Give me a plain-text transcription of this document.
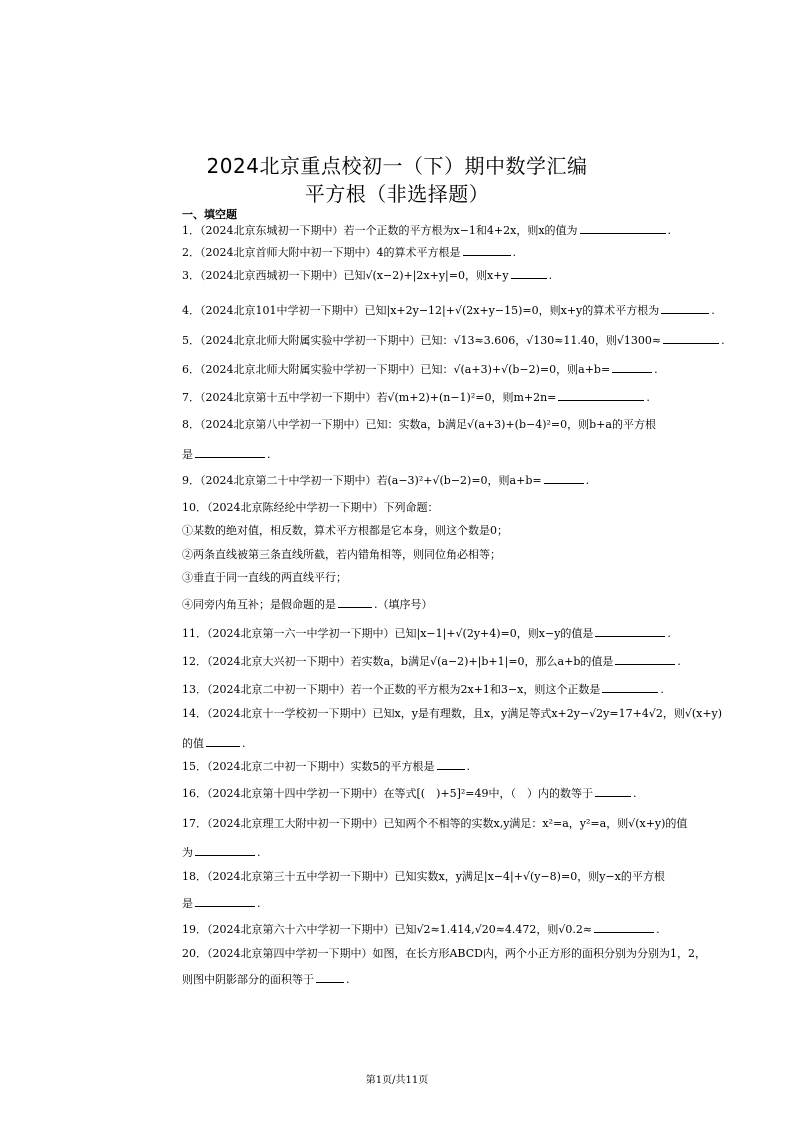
2024北京重点校初一（下）期中数学汇编
平方根（非选择题）
一、填空题
1．（2024北京东城初一下期中）若一个正数的平方根为x−1和4+2x，则x的值为	.
2．（2024北京首师大附中初一下期中）4的算术平方根是	.
3．（2024北京西城初一下期中）已知√(x−2)+|2x+y|=0，则x+y	.
4．（2024北京101中学初一下期中）已知|x+2y−12|+√(2x+y−15)=0，则x+y的算术平方根为	.
5．（2024北京北师大附属实验中学初一下期中）已知：√13≈3.606，√130≈11.40，则√1300≈	.
6．（2024北京北师大附属实验中学初一下期中）已知：√(a+3)+√(b−2)=0，则a+b=	.
7．（2024北京第十五中学初一下期中）若√(m+2)+(n−1)²=0，则m+2n=	.
8．（2024北京第八中学初一下期中）已知：实数a，b满足√(a+3)+(b−4)²=0，则b+a的平方根
是	.
9．（2024北京第二十中学初一下期中）若(a−3)²+√(b−2)=0，则a+b=	.
10．（2024北京陈经纶中学初一下期中）下列命题：
①某数的绝对值，相反数，算术平方根都是它本身，则这个数是0；
②两条直线被第三条直线所截，若内错角相等，则同位角必相等；
③垂直于同一直线的两直线平行；
④同旁内角互补；是假命题的是	.（填序号）
11．（2024北京第一六一中学初一下期中）已知|x−1|+√(2y+4)=0，则x−y的值是	.
12．（2024北京大兴初一下期中）若实数a，b满足√(a−2)+|b+1|=0，那么a+b的值是	.
13．（2024北京二中初一下期中）若一个正数的平方根为2x+1和3−x，则这个正数是	.
14．（2024北京十一学校初一下期中）已知x，y是有理数，且x，y满足等式x+2y−√2y=17+4√2，则√(x+y)
的值	.
15．（2024北京二中初一下期中）实数5的平方根是	.
16．（2024北京第十四中学初一下期中）在等式[(　)+5]²=49中，（　）内的数等于	.
17．（2024北京理工大附中初一下期中）已知两个不相等的实数x,y满足：x²=a，y²=a，则√(x+y)的值
为	.
18．（2024北京第三十五中学初一下期中）已知实数x，y满足|x−4|+√(y−8)=0，则y−x的平方根
是	.
19．（2024北京第六十六中学初一下期中）已知√2≈1.414,√20≈4.472，则√0.2≈	.
20．（2024北京第四中学初一下期中）如图，在长方形ABCD内，两个小正方形的面积分别为分别为1，2，
则图中阴影部分的面积等于	.
第1页/共11页
